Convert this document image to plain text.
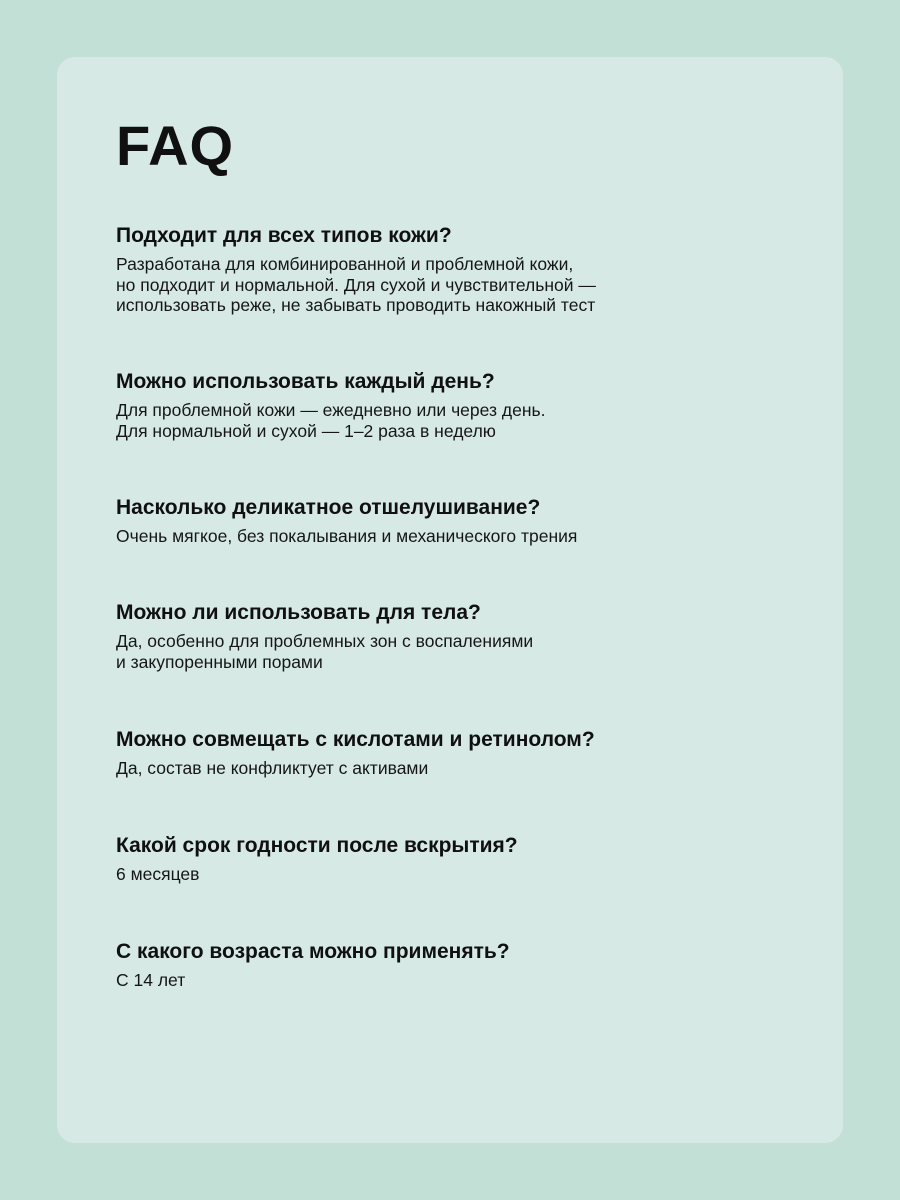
FAQ

Подходит для всех типов кожи?

Разработана для комбинированной и проблемной кожи,
но подходит и нормальной. Для сухой и чувствительной —
использовать реже, не забывать проводить накожный тест

Можно использовать каждый день?

Для проблемной кожи — ежедневно или через день.
Для нормальной и сухой — 1–2 раза в неделю

Насколько деликатное отшелушивание?

Очень мягкое, без покалывания и механического трения

Можно ли использовать для тела?

Да, особенно для проблемных зон с воспалениями
и закупоренными порами

Можно совмещать с кислотами и ретинолом?

Да, состав не конфликтует с активами

Какой срок годности после вскрытия?

6 месяцев

С какого возраста можно применять?

С 14 лет
